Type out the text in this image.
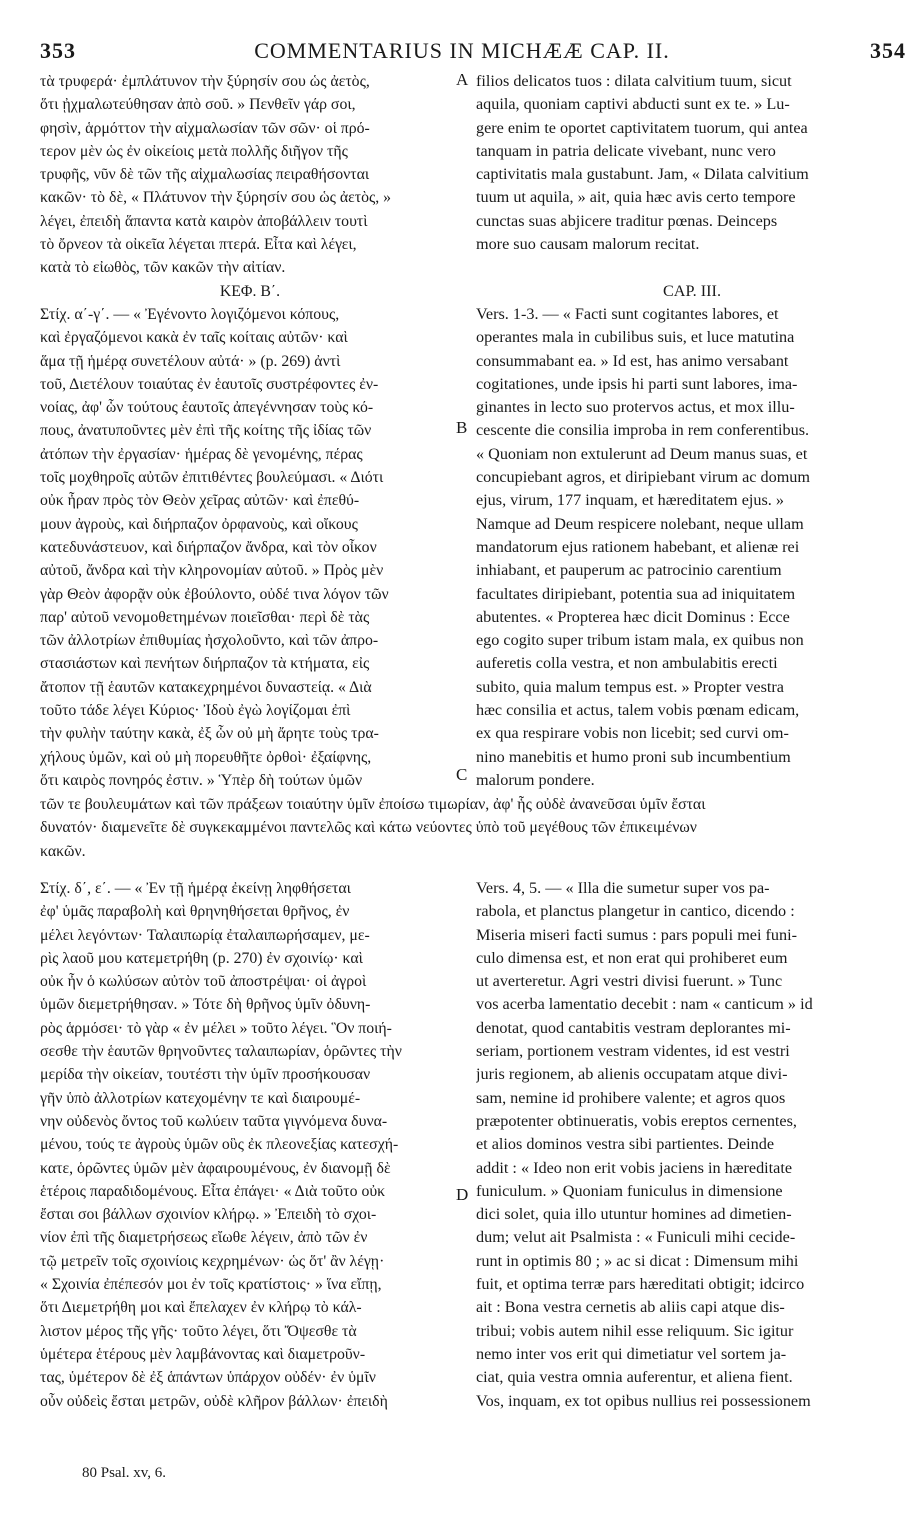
353	COMMENTARIUS IN MICHÆÆ CAP. II.	354
A
B
C
D
τὰ τρυφερά· ἐμπλάτυνον τὴν ξύρησίν σου ὡς ἀετὸς,
ὅτι ᾐχμαλωτεύθησαν ἀπὸ σοῦ. » Πενθεῖν γάρ σοι,
φησὶν, ἁρμόττον τὴν αἰχμαλωσίαν τῶν σῶν· οἱ πρό-
τερον μὲν ὡς ἐν οἰκείοις μετὰ πολλῆς διῆγον τῆς
τρυφῆς, νῦν δὲ τῶν τῆς αἰχμαλωσίας πειραθήσονται
κακῶν· τὸ δὲ, « Πλάτυνον τὴν ξύρησίν σου ὡς ἀετὸς, »
λέγει, ἐπειδὴ ἅπαντα κατὰ καιρὸν ἀποβάλλειν τουτὶ
τὸ ὄρνεον τὰ οἰκεῖα λέγεται πτερά. Εἶτα καὶ λέγει,
κατὰ τὸ εἰωθὸς, τῶν κακῶν τὴν αἰτίαν.
ΚΕΦ. Β΄.
Στίχ. α΄-γ΄. — « Ἐγένοντο λογιζόμενοι κόπους,
καὶ ἐργαζόμενοι κακὰ ἐν ταῖς κοίταις αὐτῶν· καὶ
ἅμα τῇ ἡμέρᾳ συνετέλουν αὐτά· » (p. 269) ἀντὶ
τοῦ, Διετέλουν τοιαύτας ἐν ἑαυτοῖς συστρέφοντες ἐν-
νοίας, ἀφ' ὧν τούτους ἑαυτοῖς ἀπεγέννησαν τοὺς κό-
πους, ἀνατυποῦντες μὲν ἐπὶ τῆς κοίτης τῆς ἰδίας τῶν
ἀτόπων τὴν ἐργασίαν· ἡμέρας δὲ γενομένης, πέρας
τοῖς μοχθηροῖς αὐτῶν ἐπιτιθέντες βουλεύμασι. « Διότι
οὐκ ἦραν πρὸς τὸν Θεὸν χεῖρας αὐτῶν· καὶ ἐπεθύ-
μουν ἀγροὺς, καὶ διήρπαζον ὀρφανοὺς, καὶ οἴκους
κατεδυνάστευον, καὶ διήρπαζον ἄνδρα, καὶ τὸν οἶκον
αὐτοῦ, ἄνδρα καὶ τὴν κληρονομίαν αὐτοῦ. » Πρὸς μὲν
γὰρ Θεὸν ἀφορᾷν οὐκ ἐβούλοντο, οὐδέ τινα λόγον τῶν
παρ' αὐτοῦ νενομοθετημένων ποιεῖσθαι· περὶ δὲ τὰς
τῶν ἀλλοτρίων ἐπιθυμίας ἠσχολοῦντο, καὶ τῶν ἀπρο-
στασιάστων καὶ πενήτων διήρπαζον τὰ κτήματα, εἰς
ἄτοπον τῇ ἑαυτῶν κατακεχρημένοι δυναστείᾳ. « Διὰ
τοῦτο τάδε λέγει Κύριος· Ἰδοὺ ἐγὼ λογίζομαι ἐπὶ
τὴν φυλὴν ταύτην κακὰ, ἐξ ὧν οὐ μὴ ἄρητε τοὺς τρα-
χήλους ὑμῶν, καὶ οὐ μὴ πορευθῆτε ὀρθοὶ· ἐξαίφνης,
ὅτι καιρὸς πονηρός ἐστιν. » Ὑπὲρ δὴ τούτων ὑμῶν
filios delicatos tuos : dilata calvitium tuum, sicut
aquila, quoniam captivi abducti sunt ex te. » Lu-
gere enim te oportet captivitatem tuorum, qui antea
tanquam in patria delicate vivebant, nunc vero
captivitatis mala gustabunt. Jam, « Dilata calvitium
tuum ut aquila, » ait, quia hæc avis certo tempore
cunctas suas abjicere traditur pœnas. Deinceps
more suo causam malorum recitat.

CAP. III.
Vers. 1-3. — « Facti sunt cogitantes labores, et
operantes mala in cubilibus suis, et luce matutina
consummabant ea. » Id est, has animo versabant
cogitationes, unde ipsis hi parti sunt labores, ima-
ginantes in lecto suo protervos actus, et mox illu-
cescente die consilia improba in rem conferentibus.
« Quoniam non extulerunt ad Deum manus suas, et
concupiebant agros, et diripiebant virum ac domum
ejus, virum, 177 inquam, et hæreditatem ejus. »
Namque ad Deum respicere nolebant, neque ullam
mandatorum ejus rationem habebant, et alienæ rei
inhiabant, et pauperum ac patrocinio carentium
facultates diripiebant, potentia sua ad iniquitatem
abutentes. « Propterea hæc dicit Dominus : Ecce
ego cogito super tribum istam mala, ex quibus non
auferetis colla vestra, et non ambulabitis erecti
subito, quia malum tempus est. » Propter vestra
hæc consilia et actus, talem vobis pœnam edicam,
ex qua respirare vobis non licebit; sed curvi om-
nino manebitis et humo proni sub incumbentium
malorum pondere.
τῶν τε βουλευμάτων καὶ τῶν πράξεων τοιαύτην ὑμῖν ἐποίσω τιμωρίαν, ἀφ' ἧς οὐδὲ ἀνανεῦσαι ὑμῖν ἔσται
δυνατόν· διαμενεῖτε δὲ συγκεκαμμένοι παντελῶς καὶ κάτω νεύοντες ὑπὸ τοῦ μεγέθους τῶν ἐπικειμένων
κακῶν.
Στίχ. δ΄, ε΄. — « Ἐν τῇ ἡμέρᾳ ἐκείνῃ ληφθήσεται
ἐφ' ὑμᾶς παραβολὴ καὶ θρηνηθήσεται θρῆνος, ἐν
μέλει λεγόντων· Ταλαιπωρίᾳ ἐταλαιπωρήσαμεν, με-
ρὶς λαοῦ μου κατεμετρήθη (p. 270) ἐν σχοινίῳ· καὶ
οὐκ ἦν ὁ κωλύσων αὐτὸν τοῦ ἀποστρέψαι· οἱ ἀγροὶ
ὑμῶν διεμετρήθησαν. » Τότε δὴ θρῆνος ὑμῖν ὀδυνη-
ρὸς ἁρμόσει· τὸ γὰρ « ἐν μέλει » τοῦτο λέγει. Ὃν ποιή-
σεσθε τὴν ἑαυτῶν θρηνοῦντες ταλαιπωρίαν, ὁρῶντες τὴν
μερίδα τὴν οἰκείαν, τουτέστι τὴν ὑμῖν προσήκουσαν
γῆν ὑπὸ ἀλλοτρίων κατεχομένην τε καὶ διαιρουμέ-
νην οὐδενὸς ὄντος τοῦ κωλύειν ταῦτα γιγνόμενα δυνα-
μένου, τούς τε ἀγροὺς ὑμῶν οὓς ἐκ πλεονεξίας κατεσχή-
κατε, ὁρῶντες ὑμῶν μὲν ἀφαιρουμένους, ἐν διανομῇ δὲ
ἑτέροις παραδιδομένους. Εἶτα ἐπάγει· « Διὰ τοῦτο οὐκ
ἔσται σοι βάλλων σχοινίον κλήρῳ. » Ἐπειδὴ τὸ σχοι-
νίον ἐπὶ τῆς διαμετρήσεως εἴωθε λέγειν, ἀπὸ τῶν ἐν
τῷ μετρεῖν τοῖς σχοινίοις κεχρημένων· ὡς ὅτ' ἂν λέγῃ·
« Σχοινία ἐπέπεσόν μοι ἐν τοῖς κρατίστοις· » ἵνα εἴπῃ,
ὅτι Διεμετρήθη μοι καὶ ἔπελαχεν ἐν κλήρῳ τὸ κάλ-
λιστον μέρος τῆς γῆς· τοῦτο λέγει, ὅτι Ὄψεσθε τὰ
ὑμέτερα ἑτέρους μὲν λαμβάνοντας καὶ διαμετροῦν-
τας, ὑμέτερον δὲ ἐξ ἁπάντων ὑπάρχον οὐδέν· ἐν ὑμῖν
οὖν οὐδεὶς ἔσται μετρῶν, οὐδὲ κλῆρον βάλλων· ἐπειδὴ
Vers. 4, 5. — « Illa die sumetur super vos pa-
rabola, et planctus plangetur in cantico, dicendo :
Miseria miseri facti sumus : pars populi mei funi-
culo dimensa est, et non erat qui prohiberet eum
ut averteretur. Agri vestri divisi fuerunt. » Tunc
vos acerba lamentatio decebit : nam « canticum » id
denotat, quod cantabitis vestram deplorantes mi-
seriam, portionem vestram videntes, id est vestri
juris regionem, ab alienis occupatam atque divi-
sam, nemine id prohibere valente; et agros quos
præpotenter obtinueratis, vobis ereptos cernentes,
et alios dominos vestra sibi partientes. Deinde
addit : « Ideo non erit vobis jaciens in hæreditate
funiculum. » Quoniam funiculus in dimensione
dici solet, quia illo utuntur homines ad dimetien-
dum; velut ait Psalmista : « Funiculi mihi cecide-
runt in optimis 80 ; » ac si dicat : Dimensum mihi
fuit, et optima terræ pars hæreditati obtigit; idcirco
ait : Bona vestra cernetis ab aliis capi atque dis-
tribui; vobis autem nihil esse reliquum. Sic igitur
nemo inter vos erit qui dimetiatur vel sortem ja-
ciat, quia vestra omnia auferentur, et aliena fient.
Vos, inquam, ex tot opibus nullius rei possessionem
80 Psal. xv, 6.
